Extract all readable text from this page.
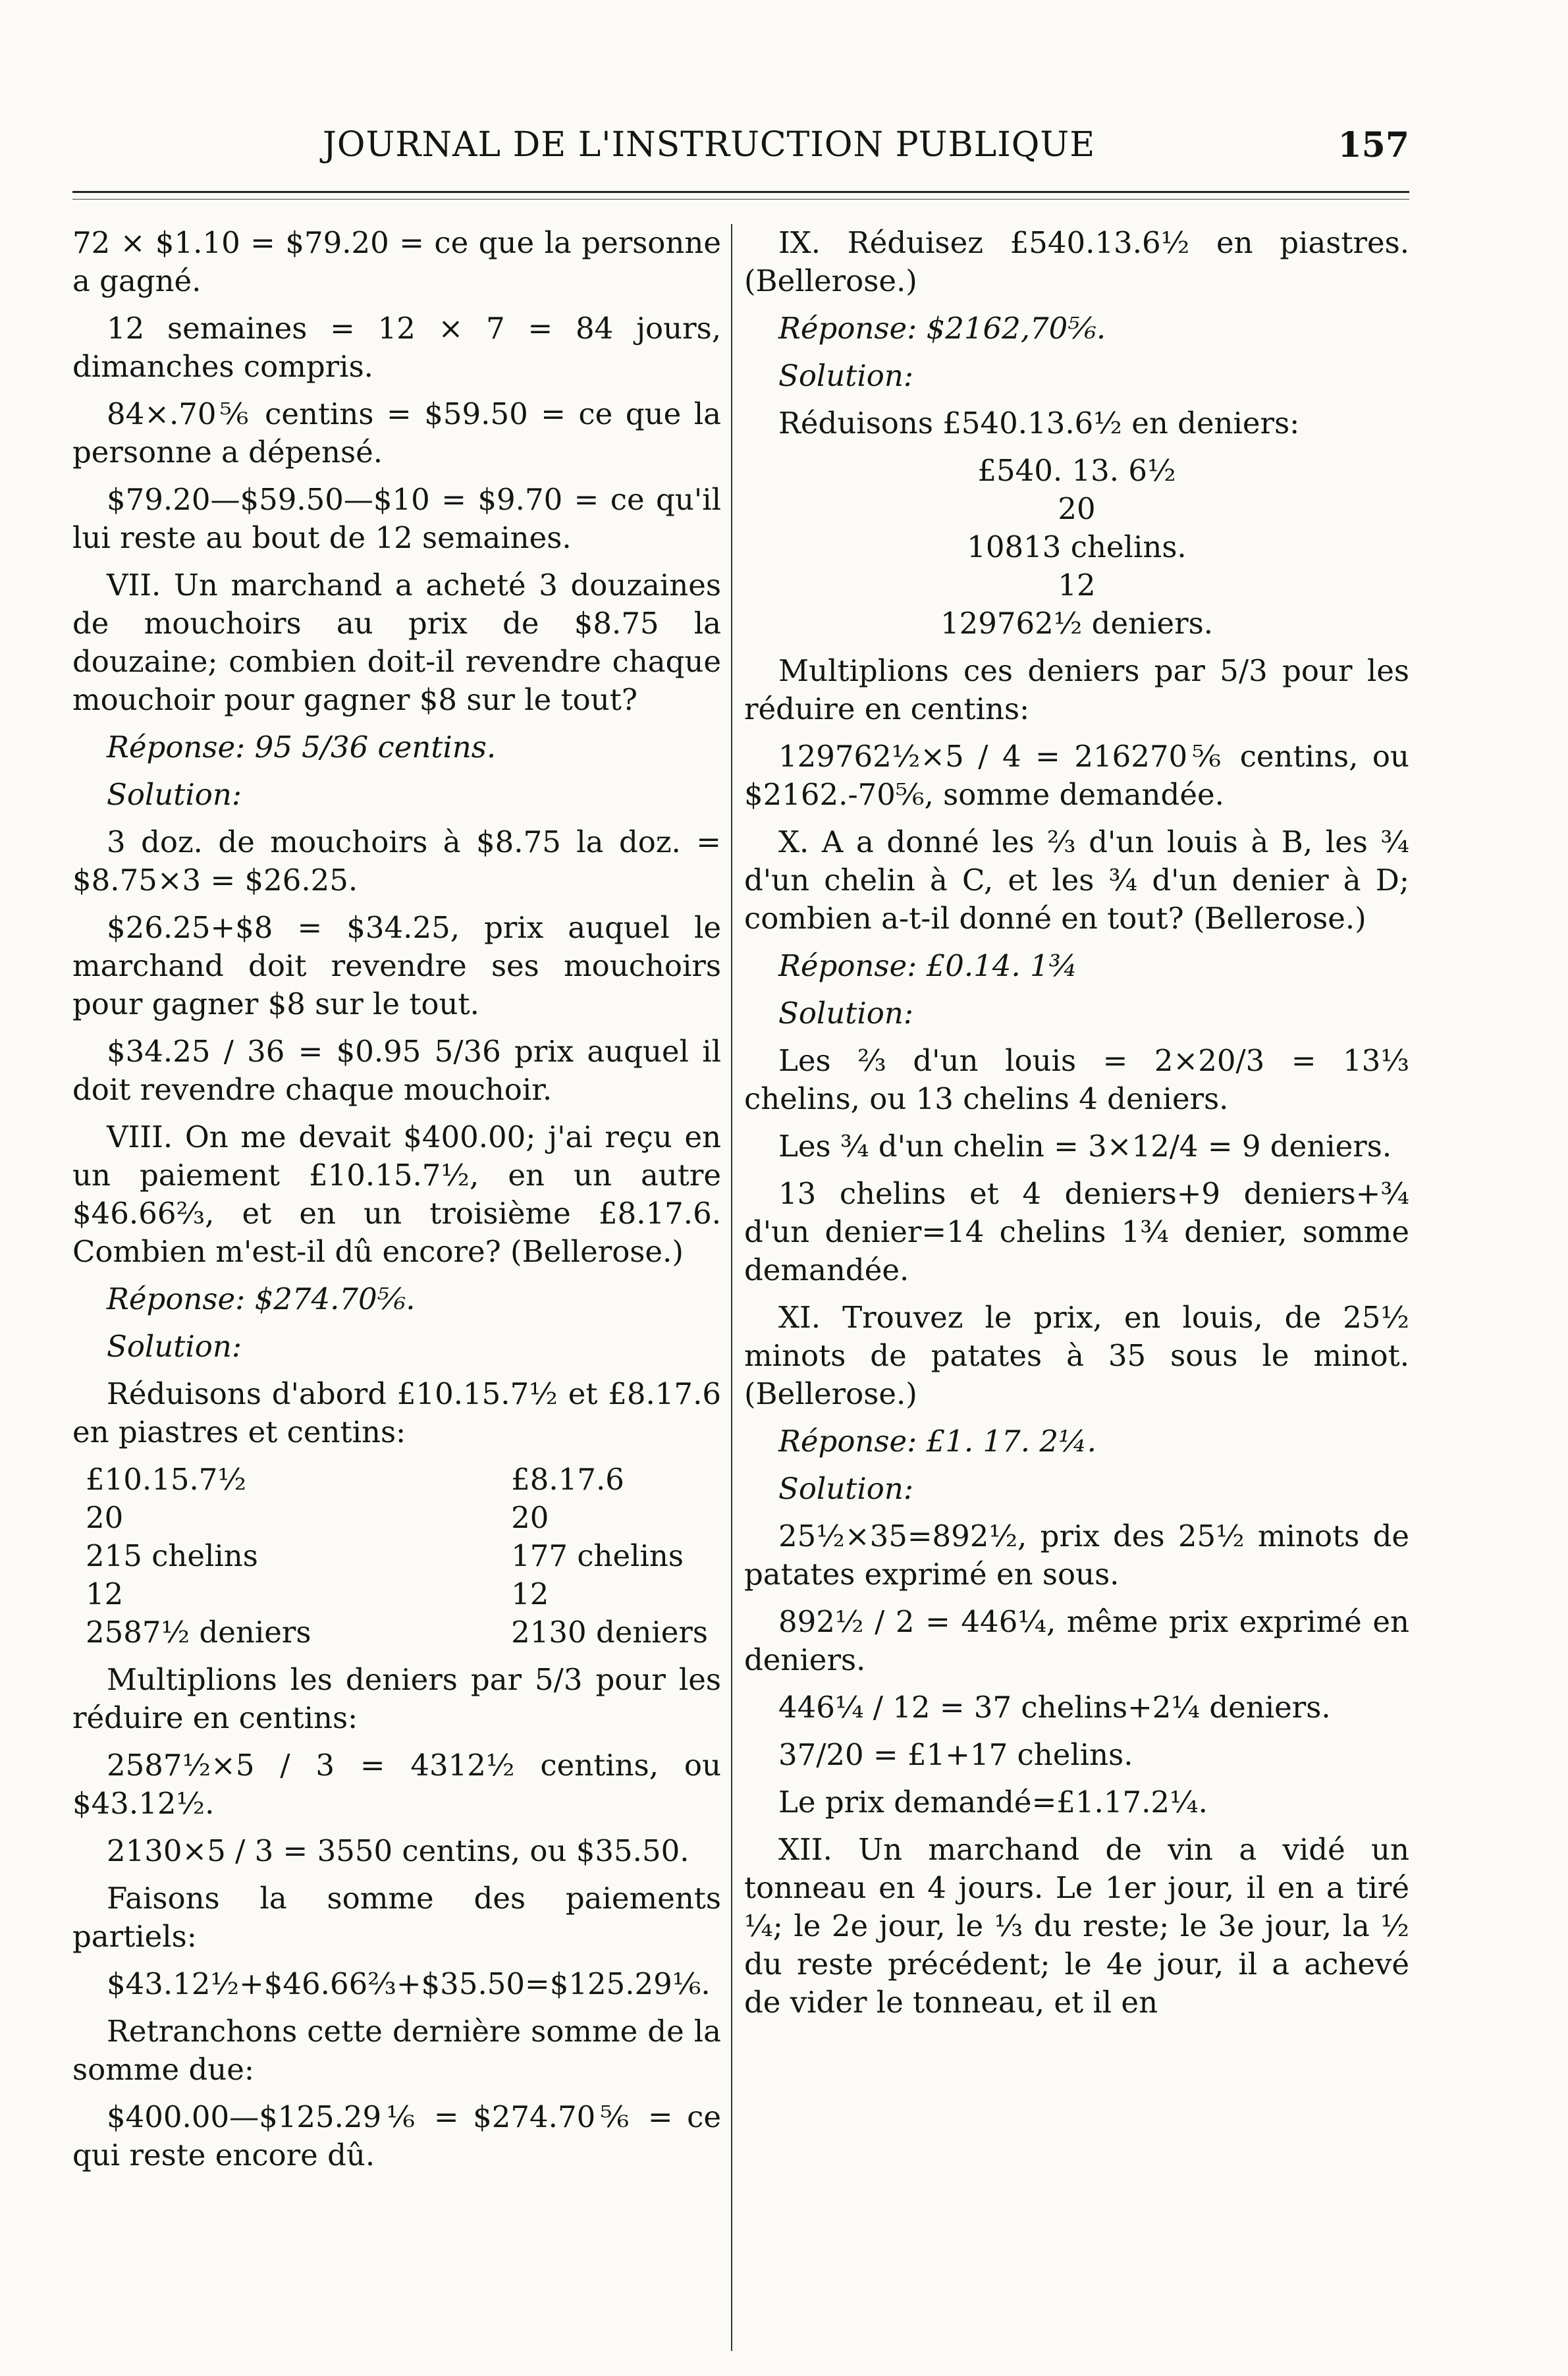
JOURNAL DE L'INSTRUCTION PUBLIQUE	157

72 × $1.10 = $79.20 = ce que la personne a gagné.

12 semaines = 12 × 7 = 84 jours, dimanches compris.

84×.70⅚ centins = $59.50 = ce que la personne a dépensé.

$79.20—$59.50—$10 = $9.70 = ce qu'il lui reste au bout de 12 semaines.

VII. Un marchand a acheté 3 douzaines de mouchoirs au prix de $8.75 la douzaine; combien doit-il revendre chaque mouchoir pour gagner $8 sur le tout?

Réponse: 95 5/36 centins.

Solution:

3 doz. de mouchoirs à $8.75 la doz. = $8.75×3 = $26.25.

$26.25+$8 = $34.25, prix auquel le marchand doit revendre ses mouchoirs pour gagner $8 sur le tout.

$34.25 / 36 = $0.95 5/36 prix auquel il doit revendre chaque mouchoir.

VIII. On me devait $400.00; j'ai reçu en un paiement £10.15.7½, en un autre $46.66⅔, et en un troisième £8.17.6. Combien m'est-il dû encore? (Bellerose.)

Réponse: $274.70⅚.

Solution:

Réduisons d'abord £10.15.7½ et £8.17.6 en piastres et centins:

£10.15.7½
20
215 chelins
12
2587½ deniers
£8.17.6
20
177 chelins
12
2130 deniers

Multiplions les deniers par 5/3 pour les réduire en centins:

2587½×5 / 3 = 4312½ centins, ou $43.12½.

2130×5 / 3 = 3550 centins, ou $35.50.

Faisons la somme des paiements partiels:

$43.12½+$46.66⅔+$35.50=$125.29⅙.

Retranchons cette dernière somme de la somme due:

$400.00—$125.29⅙ = $274.70⅚ = ce qui reste encore dû.

IX. Réduisez £540.13.6½ en piastres. (Bellerose.)

Réponse: $2162,70⅚.

Solution:

Réduisons £540.13.6½ en deniers:

£540. 13. 6½
20
10813 chelins.
12
129762½ deniers.

Multiplions ces deniers par 5/3 pour les réduire en centins:

129762½×5 / 4 = 216270⅚ centins, ou $2162.-70⅚, somme demandée.

X. A a donné les ⅔ d'un louis à B, les ¾ d'un chelin à C, et les ¾ d'un denier à D; combien a-t-il donné en tout? (Bellerose.)

Réponse: £0.14. 1¾

Solution:

Les ⅔ d'un louis = 2×20/3 = 13⅓ chelins, ou 13 chelins 4 deniers.

Les ¾ d'un chelin = 3×12/4 = 9 deniers.

13 chelins et 4 deniers+9 deniers+¾ d'un denier=14 chelins 1¾ denier, somme demandée.

XI. Trouvez le prix, en louis, de 25½ minots de patates à 35 sous le minot. (Bellerose.)

Réponse: £1. 17. 2¼.

Solution:

25½×35=892½, prix des 25½ minots de patates exprimé en sous.

892½ / 2 = 446¼, même prix exprimé en deniers.

446¼ / 12 = 37 chelins+2¼ deniers.

37/20 = £1+17 chelins.

Le prix demandé=£1.17.2¼.

XII. Un marchand de vin a vidé un tonneau en 4 jours. Le 1er jour, il en a tiré ¼; le 2e jour, le ⅓ du reste; le 3e jour, la ½ du reste précédent; le 4e jour, il a achevé de vider le tonneau, et il en
